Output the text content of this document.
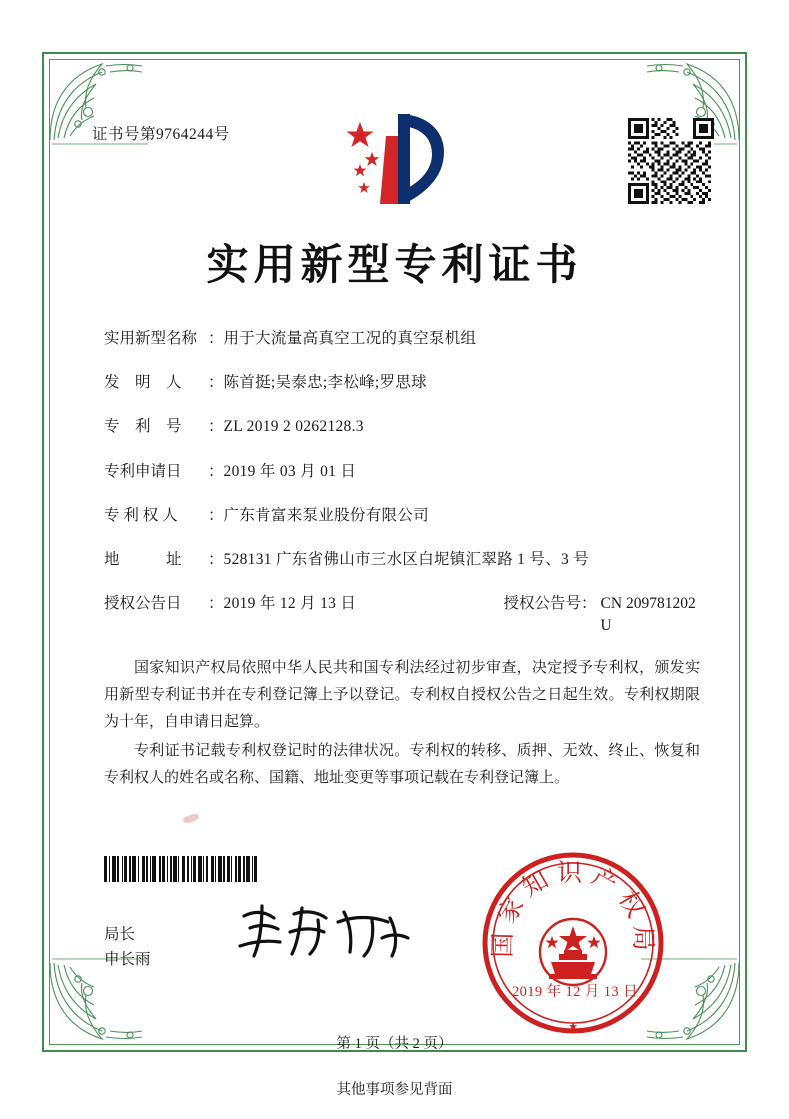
证书号第9764244号
实用新型专利证书
实用新型名称 ： 用于大流量高真空工况的真空泵机组
发　明　人	： 陈首挺;吴泰忠;李松峰;罗思球
专　利　号	： ZL 2019 2 0262128.3
专利申请日	： 2019 年 03 月 01 日
专 利 权 人	： 广东肯富来泵业股份有限公司
地　　　址	： 528131 广东省佛山市三水区白坭镇汇翠路 1 号、3 号
授权公告日	： 2019 年 12 月 13 日	授权公告号 ： CN 209781202 U

国家知识产权局依照中华人民共和国专利法经过初步审查，决定授予专利权，颁发实用新型专利证书并在专利登记簿上予以登记。专利权自授权公告之日起生效。专利权期限为十年，自申请日起算。

专利证书记载专利权登记时的法律状况。专利权的转移、质押、无效、终止、恢复和专利权人的姓名或名称、国籍、地址变更等事项记载在专利登记簿上。

局长
申长雨
国家知识产权局
★
2019 年 12 月 13 日
第 1 页（共 2 页）
其他事项参见背面
